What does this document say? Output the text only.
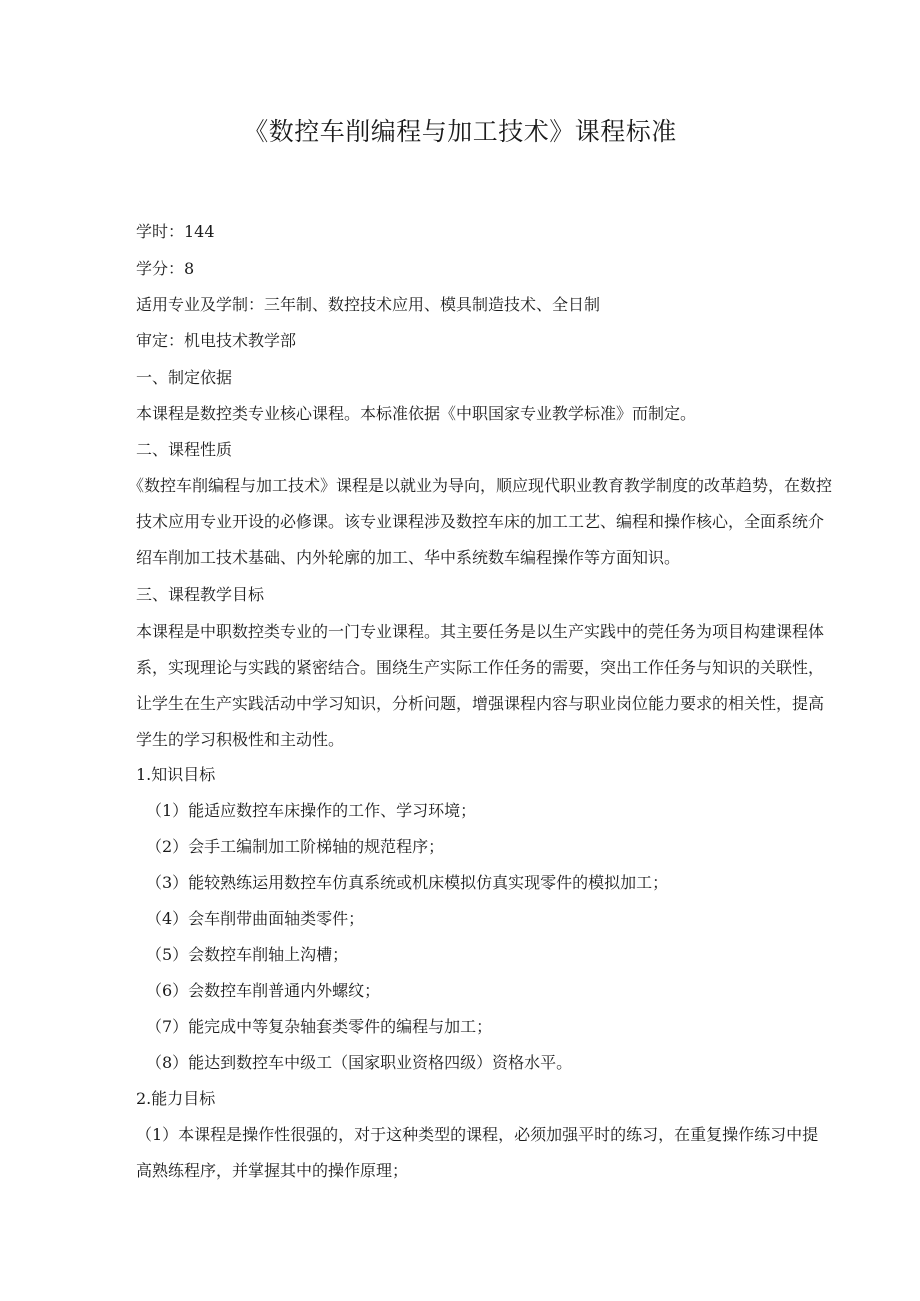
《数控车削编程与加工技术》课程标准
学时：144
学分：8
适用专业及学制：三年制、数控技术应用、模具制造技术、全日制
审定：机电技术教学部
一、制定依据
本课程是数控类专业核心课程。本标准依据《中职国家专业教学标准》而制定。
二、课程性质
《数控车削编程与加工技术》课程是以就业为导向，顺应现代职业教育教学制度的改革趋势，在数控技术应用专业开设的必修课。该专业课程涉及数控车床的加工工艺、编程和操作核心，全面系统介绍车削加工技术基础、内外轮廓的加工、华中系统数车编程操作等方面知识。
三、课程教学目标
本课程是中职数控类专业的一门专业课程。其主要任务是以生产实践中的莞任务为项目构建课程体系，实现理论与实践的紧密结合。围绕生产实际工作任务的需要，突出工作任务与知识的关联性，让学生在生产实践活动中学习知识，分析问题，增强课程内容与职业岗位能力要求的相关性，提高学生的学习积极性和主动性。
1.知识目标
（1）能适应数控车床操作的工作、学习环境；
（2）会手工编制加工阶梯轴的规范程序；
（3）能较熟练运用数控车仿真系统或机床模拟仿真实现零件的模拟加工；
（4）会车削带曲面轴类零件；
（5）会数控车削轴上沟槽；
（6）会数控车削普通内外螺纹；
（7）能完成中等复杂轴套类零件的编程与加工；
（8）能达到数控车中级工（国家职业资格四级）资格水平。
2.能力目标
（1）本课程是操作性很强的，对于这种类型的课程，必须加强平时的练习，在重复操作练习中提高熟练程序，并掌握其中的操作原理；
